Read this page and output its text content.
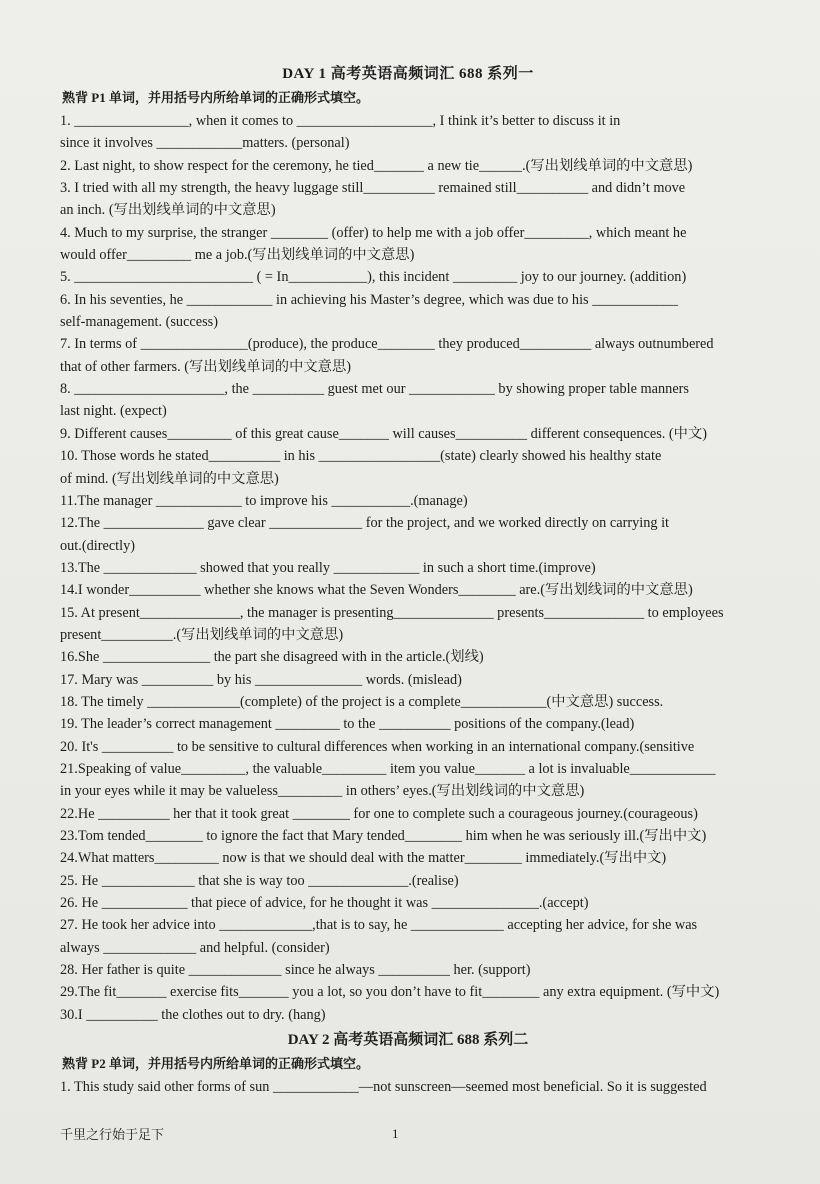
DAY 1 高考英语高频词汇 688 系列一
熟背 P1 单词，并用括号内所给单词的正确形式填空。
1. ________________, when it comes to ___________________, I think it’s better to discuss it in
since it involves ____________matters. (personal)
2. Last night, to show respect for the ceremony, he tied_______ a new tie______.(写出划线单词的中文意思)
3. I tried with all my strength, the heavy luggage still__________ remained still__________ and didn’t move
an inch. (写出划线单词的中文意思)
4. Much to my surprise, the stranger ________ (offer) to help me with a job offer_________, which meant he
would offer_________ me a job.(写出划线单词的中文意思)
5. _________________________ ( = In___________), this incident _________ joy to our journey. (addition)
6. In his seventies, he ____________ in achieving his Master’s degree, which was due to his ____________
self-management. (success)
7. In terms of _______________(produce), the produce________ they produced__________ always outnumbered
that of other farmers. (写出划线单词的中文意思)
8. _____________________, the __________ guest met our ____________ by showing proper table manners
last night. (expect)
9. Different causes_________ of this great cause_______ will causes__________ different consequences. (中文)
10. Those words he stated__________ in his _________________(state) clearly showed his healthy state
of mind. (写出划线单词的中文意思)
11.The manager ____________ to improve his ___________.(manage)
12.The ______________ gave clear _____________ for the project, and we worked directly on carrying it
out.(directly)
13.The _____________ showed that you really ____________ in such a short time.(improve)
14.I wonder__________ whether she knows what the Seven Wonders________ are.(写出划线词的中文意思)
15. At present______________, the manager is presenting______________ presents______________ to employees
present__________.(写出划线单词的中文意思)
16.She _______________ the part she disagreed with in the article.(划线)
17. Mary was __________ by his _______________ words. (mislead)
18. The timely _____________(complete) of the project is a complete____________(中文意思) success.
19. The leader’s correct management _________ to the __________ positions of the company.(lead)
20. It's __________ to be sensitive to cultural differences when working in an international company.(sensitive
21.Speaking of value_________, the valuable_________ item you value_______ a lot is invaluable____________
in your eyes while it may be valueless_________ in others’ eyes.(写出划线词的中文意思)
22.He __________ her that it took great ________ for one to complete such a courageous journey.(courageous)
23.Tom tended________ to ignore the fact that Mary tended________ him when he was seriously ill.(写出中文)
24.What matters_________ now is that we should deal with the matter________ immediately.(写出中文)
25. He _____________ that she is way too ______________.(realise)
26. He ____________ that piece of advice, for he thought it was _______________.(accept)
27. He took her advice into _____________,that is to say, he _____________ accepting her advice, for she was
always _____________ and helpful. (consider)
28. Her father is quite _____________ since he always __________ her. (support)
29.The fit_______ exercise fits_______ you a lot, so you don’t have to fit________ any extra equipment. (写中文)
30.I __________ the clothes out to dry. (hang)
DAY 2 高考英语高频词汇 688 系列二
熟背 P2 单词，并用括号内所给单词的正确形式填空。
1. This study said other forms of sun ____________—not sunscreen—seemed most beneficial. So it is suggested
千里之行始于足下	1
